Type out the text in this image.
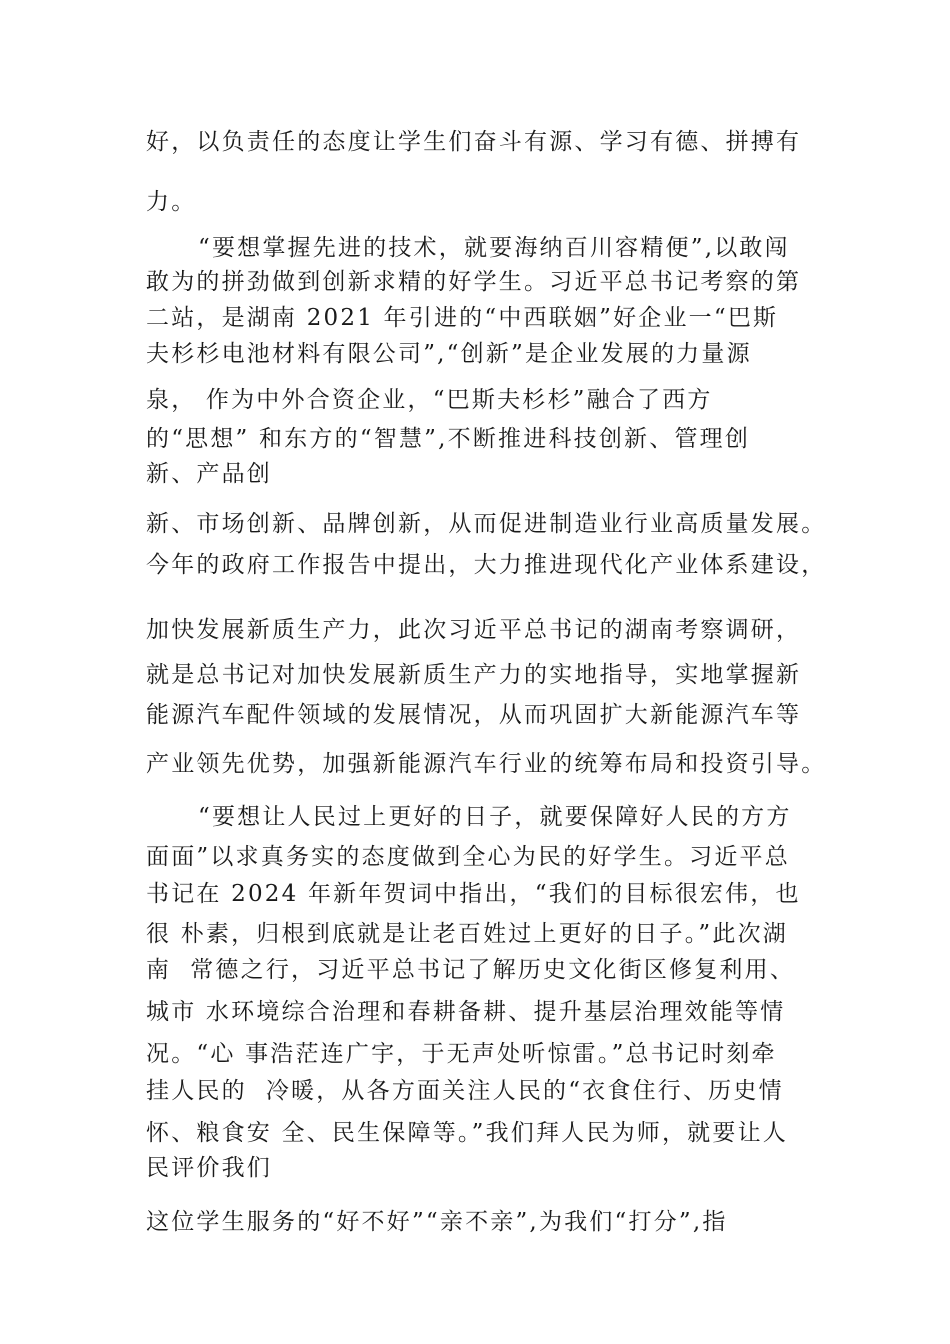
好，以负责任的态度让学生们奋斗有源、学习有德、拼搏有

力。

“要想掌握先进的技术，就要海纳百川容精便”,以敢闯

敢为的拼劲做到创新求精的好学生。习近平总书记考察的第

二站，是湖南 2021 年引进的“中西联姻”好企业一“巴斯

夫杉杉电池材料有限公司”,“创新”是企业发展的力量源

泉， 作为中外合资企业，“巴斯夫杉杉”融合了西方

的“思想” 和东方的“智慧”,不断推进科技创新、管理创

新、产品创

新、市场创新、品牌创新，从而促进制造业行业高质量发展。

今年的政府工作报告中提出，大力推进现代化产业体系建设，

加快发展新质生产力，此次习近平总书记的湖南考察调研，

就是总书记对加快发展新质生产力的实地指导，实地掌握新

能源汽车配件领域的发展情况，从而巩固扩大新能源汽车等

产业领先优势，加强新能源汽车行业的统筹布局和投资引导。

“要想让人民过上更好的日子，就要保障好人民的方方

面面”以求真务实的态度做到全心为民的好学生。习近平总

书记在 2024 年新年贺词中指出，“我们的目标很宏伟，也

很 朴素，归根到底就是让老百姓过上更好的日子。”此次湖

南  常德之行，习近平总书记了解历史文化街区修复利用、

城市 水环境综合治理和春耕备耕、提升基层治理效能等情

况。“心 事浩茫连广宇，于无声处听惊雷。”总书记时刻牵

挂人民的  冷暖，从各方面关注人民的“衣食住行、历史情

怀、粮食安 全、民生保障等。”我们拜人民为师，就要让人

民评价我们

这位学生服务的“好不好”“亲不亲”,为我们“打分”,指
